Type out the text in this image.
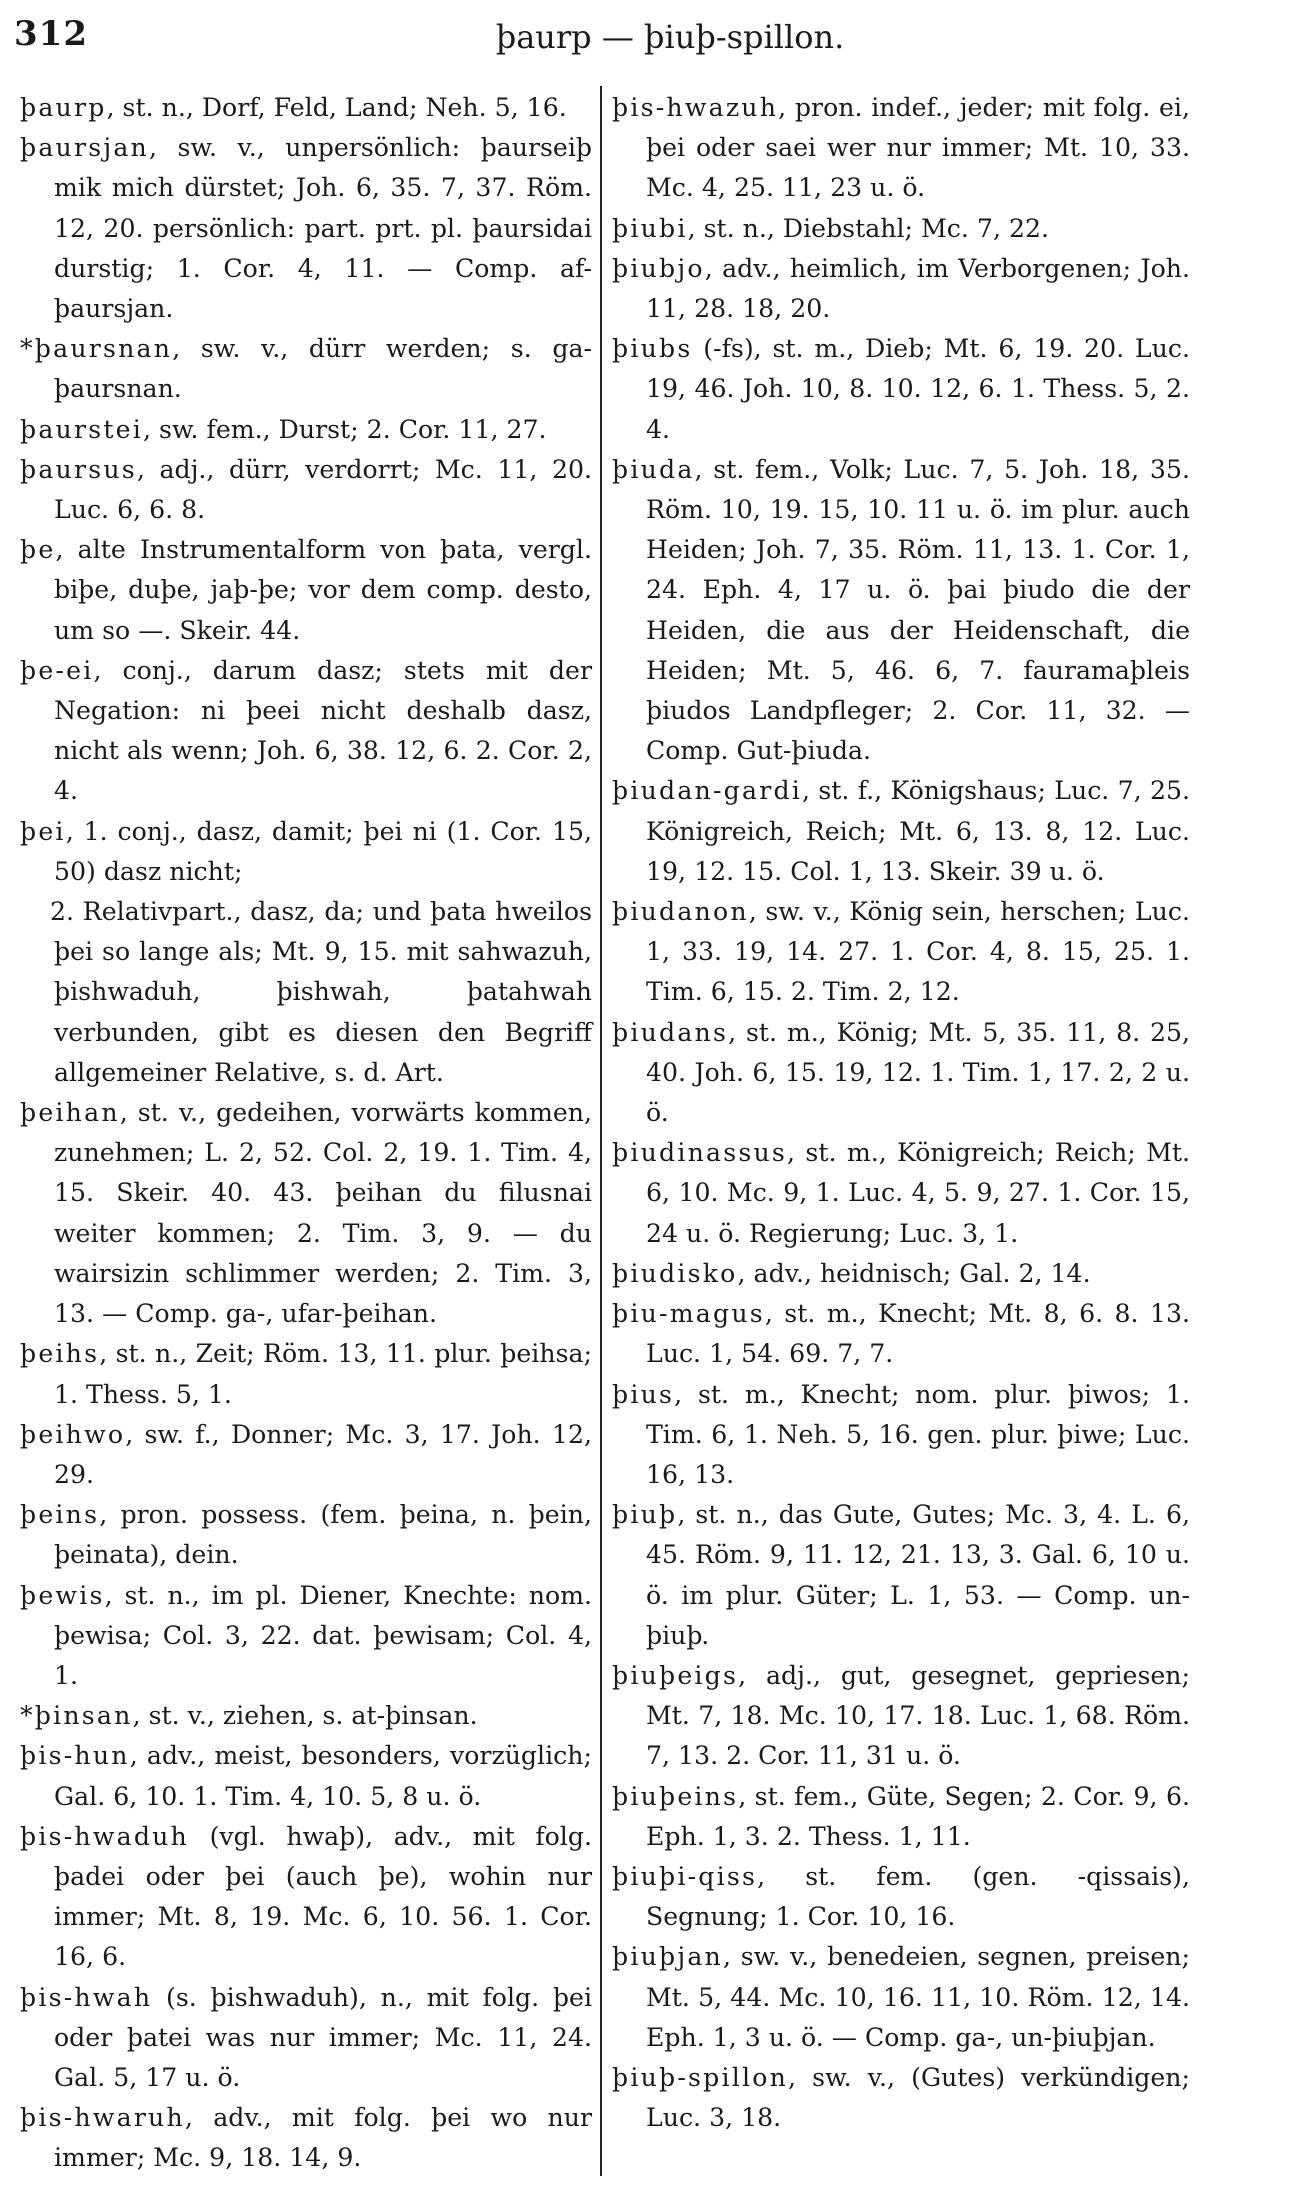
312	þaurp — þiuþ-spillon.

þaurp, st. n., Dorf, Feld, Land; Neh. 5, 16.

þaursjan, sw. v., unpersönlich: þaurseiþ mik mich dürstet; Joh. 6, 35. 7, 37. Röm. 12, 20. persönlich: part. prt. pl. þaursidai durstig; 1. Cor. 4, 11. — Comp. af-þaursjan.

*þaursnan, sw. v., dürr werden; s. ga-þaursnan.

þaurstei, sw. fem., Durst; 2. Cor. 11, 27.

þaursus, adj., dürr, verdorrt; Mc. 11, 20. Luc. 6, 6. 8.

þe, alte Instrumentalform von þata, vergl. biþe, duþe, jaþ-þe; vor dem comp. desto, um so —. Skeir. 44.

þe-ei, conj., darum dasz; stets mit der Negation: ni þeei nicht deshalb dasz, nicht als wenn; Joh. 6, 38. 12, 6. 2. Cor. 2, 4.

þei, 1. conj., dasz, damit; þei ni (1. Cor. 15, 50) dasz nicht;

2. Relativpart., dasz, da; und þata hweilos þei so lange als; Mt. 9, 15. mit sahwazuh, þishwaduh, þishwah, þatahwah verbunden, gibt es diesen den Begriff allgemeiner Relative, s. d. Art.

þeihan, st. v., gedeihen, vorwärts kommen, zunehmen; L. 2, 52. Col. 2, 19. 1. Tim. 4, 15. Skeir. 40. 43. þeihan du filusnai weiter kommen; 2. Tim. 3, 9. — du wairsizin schlimmer werden; 2. Tim. 3, 13. — Comp. ga-, ufar-þeihan.

þeihs, st. n., Zeit; Röm. 13, 11. plur. þeihsa; 1. Thess. 5, 1.

þeihwo, sw. f., Donner; Mc. 3, 17. Joh. 12, 29.

þeins, pron. possess. (fem. þeina, n. þein, þeinata), dein.

þewis, st. n., im pl. Diener, Knechte: nom. þewisa; Col. 3, 22. dat. þewisam; Col. 4, 1.

*þinsan, st. v., ziehen, s. at-þinsan.

þis-hun, adv., meist, besonders, vorzüglich; Gal. 6, 10. 1. Tim. 4, 10. 5, 8 u. ö.

þis-hwaduh (vgl. hwaþ), adv., mit folg. þadei oder þei (auch þe), wohin nur immer; Mt. 8, 19. Mc. 6, 10. 56. 1. Cor. 16, 6.

þis-hwah (s. þishwaduh), n., mit folg. þei oder þatei was nur immer; Mc. 11, 24. Gal. 5, 17 u. ö.

þis-hwaruh, adv., mit folg. þei wo nur immer; Mc. 9, 18. 14, 9.

þis-hwazuh, pron. indef., jeder; mit folg. ei, þei oder saei wer nur immer; Mt. 10, 33. Mc. 4, 25. 11, 23 u. ö.

þiubi, st. n., Diebstahl; Mc. 7, 22.

þiubjo, adv., heimlich, im Verborgenen; Joh. 11, 28. 18, 20.

þiubs (-fs), st. m., Dieb; Mt. 6, 19. 20. Luc. 19, 46. Joh. 10, 8. 10. 12, 6. 1. Thess. 5, 2. 4.

þiuda, st. fem., Volk; Luc. 7, 5. Joh. 18, 35. Röm. 10, 19. 15, 10. 11 u. ö. im plur. auch Heiden; Joh. 7, 35. Röm. 11, 13. 1. Cor. 1, 24. Eph. 4, 17 u. ö. þai þiudo die der Heiden, die aus der Heidenschaft, die Heiden; Mt. 5, 46. 6, 7. fauramaþleis þiudos Landpfleger; 2. Cor. 11, 32. — Comp. Gut-þiuda.

þiudan-gardi, st. f., Königshaus; Luc. 7, 25. Königreich, Reich; Mt. 6, 13. 8, 12. Luc. 19, 12. 15. Col. 1, 13. Skeir. 39 u. ö.

þiudanon, sw. v., König sein, herschen; Luc. 1, 33. 19, 14. 27. 1. Cor. 4, 8. 15, 25. 1. Tim. 6, 15. 2. Tim. 2, 12.

þiudans, st. m., König; Mt. 5, 35. 11, 8. 25, 40. Joh. 6, 15. 19, 12. 1. Tim. 1, 17. 2, 2 u. ö.

þiudinassus, st. m., Königreich; Reich; Mt. 6, 10. Mc. 9, 1. Luc. 4, 5. 9, 27. 1. Cor. 15, 24 u. ö. Regierung; Luc. 3, 1.

þiudisko, adv., heidnisch; Gal. 2, 14.

þiu-magus, st. m., Knecht; Mt. 8, 6. 8. 13. Luc. 1, 54. 69. 7, 7.

þius, st. m., Knecht; nom. plur. þiwos; 1. Tim. 6, 1. Neh. 5, 16. gen. plur. þiwe; Luc. 16, 13.

þiuþ, st. n., das Gute, Gutes; Mc. 3, 4. L. 6, 45. Röm. 9, 11. 12, 21. 13, 3. Gal. 6, 10 u. ö. im plur. Güter; L. 1, 53. — Comp. un-þiuþ.

þiuþeigs, adj., gut, gesegnet, gepriesen; Mt. 7, 18. Mc. 10, 17. 18. Luc. 1, 68. Röm. 7, 13. 2. Cor. 11, 31 u. ö.

þiuþeins, st. fem., Güte, Segen; 2. Cor. 9, 6. Eph. 1, 3. 2. Thess. 1, 11.

þiuþi-qiss, st. fem. (gen. -qissais), Segnung; 1. Cor. 10, 16.

þiuþjan, sw. v., benedeien, segnen, preisen; Mt. 5, 44. Mc. 10, 16. 11, 10. Röm. 12, 14. Eph. 1, 3 u. ö. — Comp. ga-, un-þiuþjan.

þiuþ-spillon, sw. v., (Gutes) verkündigen; Luc. 3, 18.
